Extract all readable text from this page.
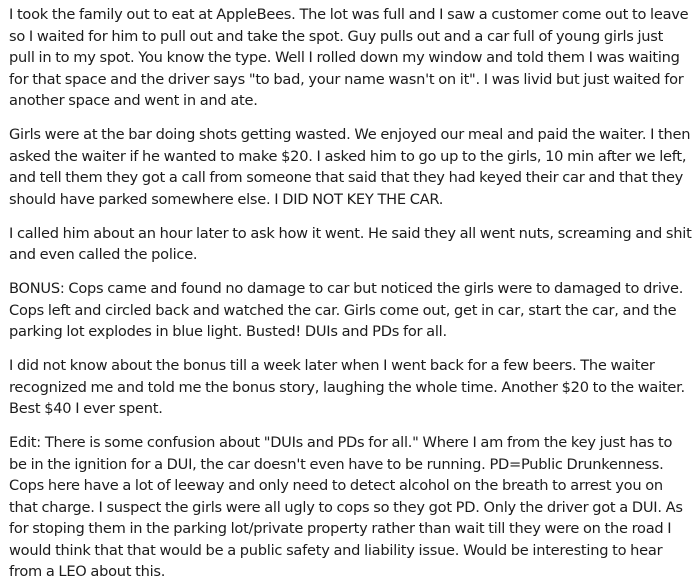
I took the family out to eat at AppleBees. The lot was full and I saw a customer come out to leave so I waited for him to pull out and take the spot. Guy pulls out and a car full of young girls just pull in to my spot. You know the type. Well I rolled down my window and told them I was waiting for that space and the driver says "to bad, your name wasn't on it". I was livid but just waited for another space and went in and ate.

Girls were at the bar doing shots getting wasted. We enjoyed our meal and paid the waiter. I then asked the waiter if he wanted to make $20. I asked him to go up to the girls, 10 min after we left, and tell them they got a call from someone that said that they had keyed their car and that they should have parked somewhere else. I DID NOT KEY THE CAR.

I called him about an hour later to ask how it went. He said they all went nuts, screaming and shit and even called the police.

BONUS: Cops came and found no damage to car but noticed the girls were to damaged to drive. Cops left and circled back and watched the car. Girls come out, get in car, start the car, and the parking lot explodes in blue light. Busted! DUIs and PDs for all.

I did not know about the bonus till a week later when I went back for a few beers. The waiter recognized me and told me the bonus story, laughing the whole time. Another $20 to the waiter. Best $40 I ever spent.

Edit: There is some confusion about "DUIs and PDs for all." Where I am from the key just has to be in the ignition for a DUI, the car doesn't even have to be running. PD=Public Drunkenness. Cops here have a lot of leeway and only need to detect alcohol on the breath to arrest you on that charge. I suspect the girls were all ugly to cops so they got PD. Only the driver got a DUI. As for stoping them in the parking lot/private property rather than wait till they were on the road I would think that that would be a public safety and liability issue. Would be interesting to hear from a LEO about this.
